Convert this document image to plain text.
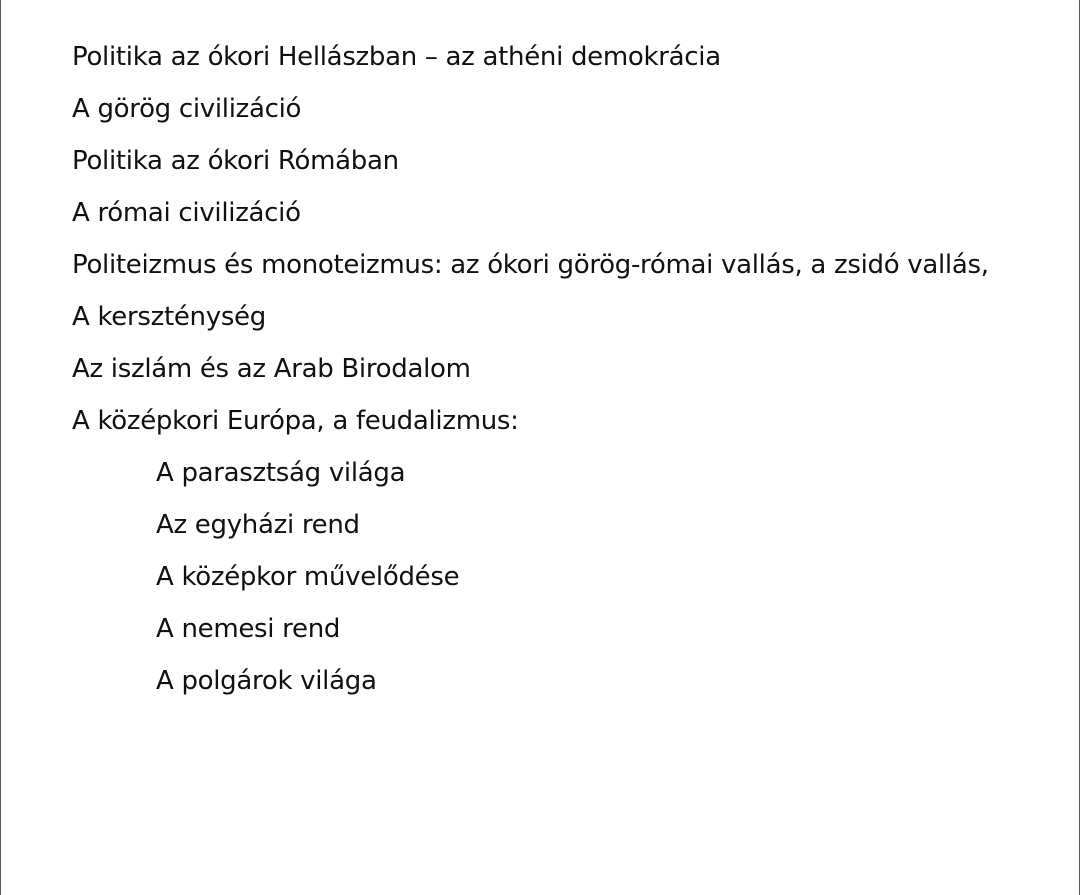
Politika az ókori Hellászban – az athéni demokrácia
A görög civilizáció
Politika az ókori Rómában
A római civilizáció
Politeizmus és monoteizmus: az ókori görög-római vallás, a zsidó vallás,
A kerszténység
Az iszlám és az Arab Birodalom
A középkori Európa, a feudalizmus:
A parasztság világa
Az egyházi rend
A középkor művelődése
A nemesi rend
A polgárok világa
